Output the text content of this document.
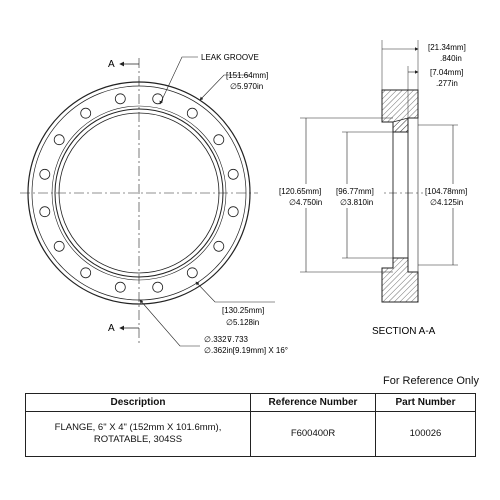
A
A
LEAK GROOVE
[151.64mm]
∅5.970in
[130.25mm]
∅5.128in
∅.332⊽.733
∅.362in[9.19mm] X 16°
[21.34mm]
.840in
[7.04mm]
.277in
[120.65mm]
∅4.750in
[96.77mm]
∅3.810in
[104.78mm]
∅4.125in
SECTION A-A
For Reference Only
Description	Reference Number	Part Number

FLANGE, 6" X 4" (152mm X 101.6mm),
ROTATABLE, 304SS	F600400R	100026
